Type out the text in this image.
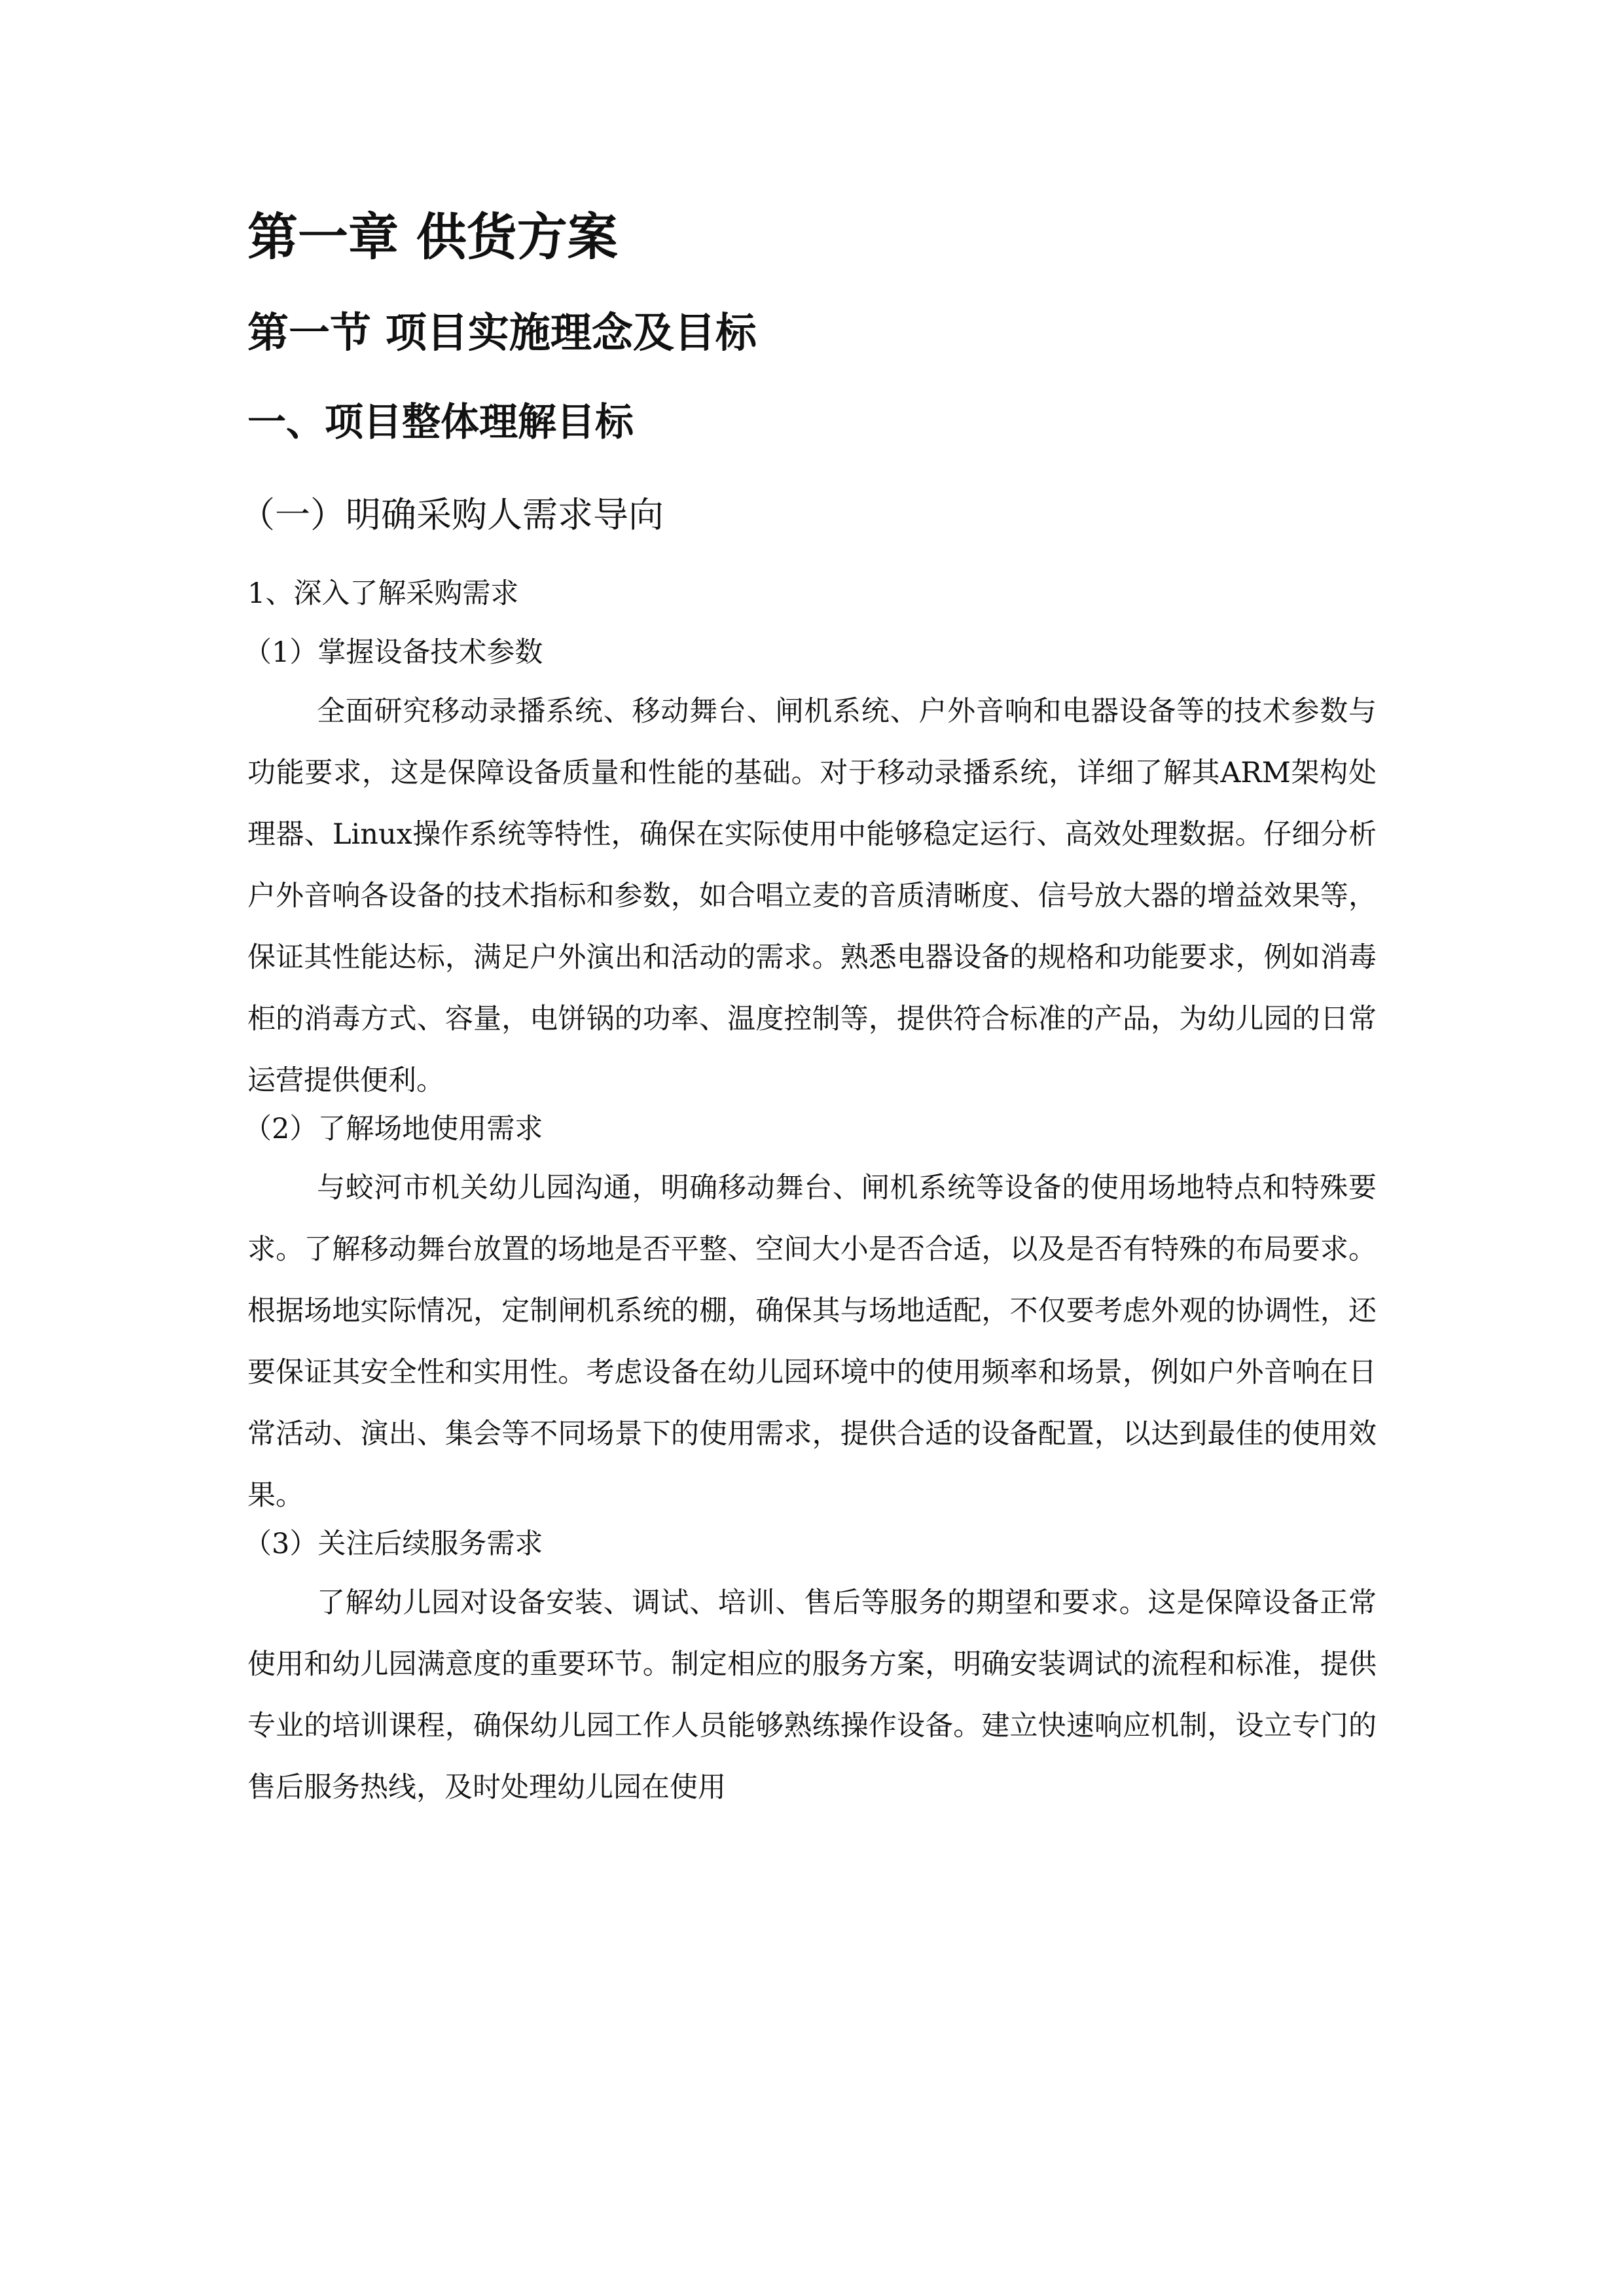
第一章 供货方案
第一节 项目实施理念及目标
一、项目整体理解目标
（一）明确采购人需求导向
1、深入了解采购需求
（1）掌握设备技术参数

全面研究移动录播系统、移动舞台、闸机系统、户外音响和电器设备等的技术参数与功能要求，这是保障设备质量和性能的基础。对于移动录播系统，详细了解其ARM架构处理器、Linux操作系统等特性，确保在实际使用中能够稳定运行、高效处理数据。仔细分析户外音响各设备的技术指标和参数，如合唱立麦的音质清晰度、信号放大器的增益效果等，保证其性能达标，满足户外演出和活动的需求。熟悉电器设备的规格和功能要求，例如消毒柜的消毒方式、容量，电饼锅的功率、温度控制等，提供符合标准的产品，为幼儿园的日常运营提供便利。

（2）了解场地使用需求

与蛟河市机关幼儿园沟通，明确移动舞台、闸机系统等设备的使用场地特点和特殊要求。了解移动舞台放置的场地是否平整、空间大小是否合适，以及是否有特殊的布局要求。根据场地实际情况，定制闸机系统的棚，确保其与场地适配，不仅要考虑外观的协调性，还要保证其安全性和实用性。考虑设备在幼儿园环境中的使用频率和场景，例如户外音响在日常活动、演出、集会等不同场景下的使用需求，提供合适的设备配置，以达到最佳的使用效果。

（3）关注后续服务需求

了解幼儿园对设备安装、调试、培训、售后等服务的期望和要求。这是保障设备正常使用和幼儿园满意度的重要环节。制定相应的服务方案，明确安装调试的流程和标准，提供专业的培训课程，确保幼儿园工作人员能够熟练操作设备。建立快速响应机制，设立专门的售后服务热线，及时处理幼儿园在使用
